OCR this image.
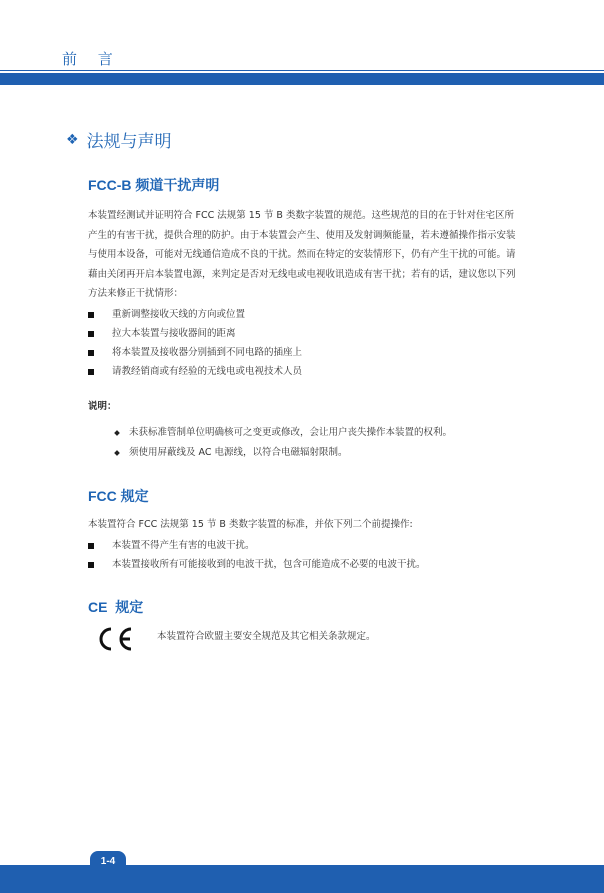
前 言
❖ 法规与声明
FCC-B 频道干扰声明
本装置经测试并证明符合 FCC 法规第 15 节 B 类数字装置的规范。这些规范的目的在于针对住宅区所产生的有害干扰，提供合理的防护。由于本装置会产生、使用及发射调频能量，若未遵循操作指示安装与使用本设备，可能对无线通信造成不良的干扰。然而在特定的安装情形下，仍有产生干扰的可能。请藉由关闭再开启本装置电源，来判定是否对无线电或电视收讯造成有害干扰；若有的话，建议您以下列方法来修正干扰情形：
重新调整接收天线的方向或位置
拉大本装置与接收器间的距离
将本装置及接收器分别插到不同电路的插座上
请教经销商或有经验的无线电或电视技术人员
说明：
未获标准管制单位明确核可之变更或修改，会让用户丧失操作本装置的权利。
须使用屏蔽线及 AC 电源线，以符合电磁辐射限制。
FCC 规定
本装置符合 FCC 法规第 15 节 B 类数字装置的标准，并依下列二个前提操作:
本装置不得产生有害的电波干扰。
本装置接收所有可能接收到的电波干扰，包含可能造成不必要的电波干扰。
CE  规定
本装置符合欧盟主要安全规范及其它相关条款规定。
1-4
